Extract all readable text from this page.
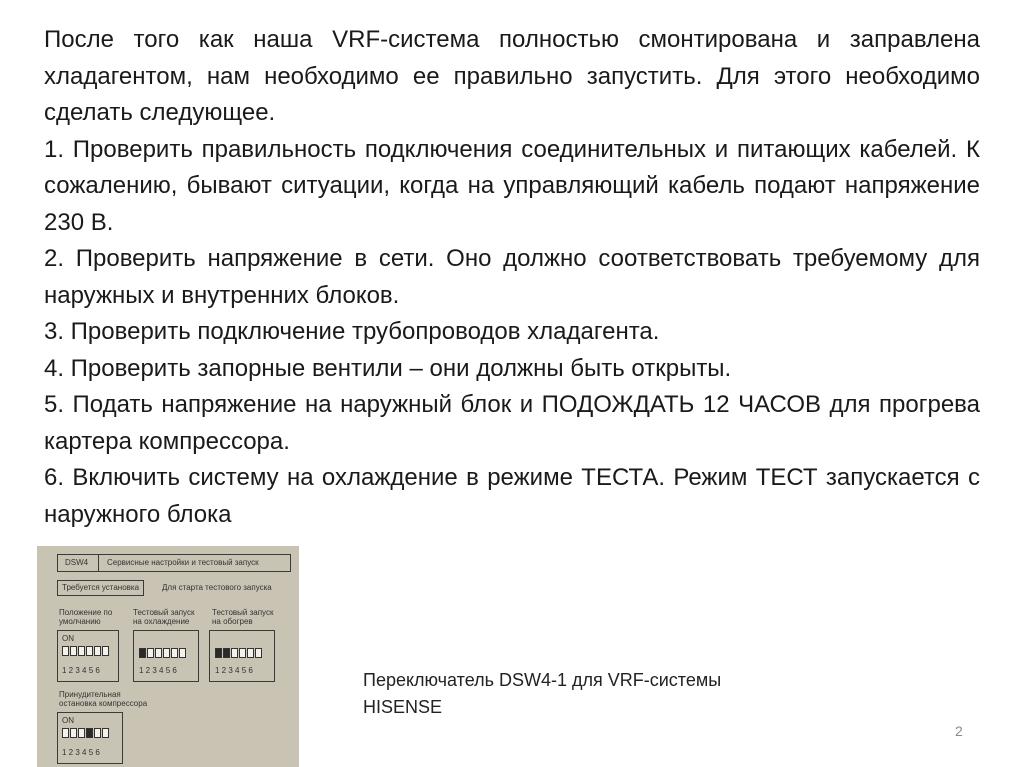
После того как наша VRF-система полностью смонтирована и заправлена хладагентом, нам необходимо ее правильно запустить. Для этого необходимо сделать следующее.

1. Проверить правильность подключения соединительных и питающих кабелей. К сожалению, бывают ситуации, когда на управляющий кабель подают напряжение 230 В.

2. Проверить напряжение в сети. Оно должно соответствовать требуемому для наружных и внутренних блоков.

3. Проверить подключение трубопроводов хладагента.

4. Проверить запорные вентили – они должны быть открыты.

5. Подать напряжение на наружный блок и ПОДОЖДАТЬ 12 ЧАСОВ для прогрева картера компрессора.

6. Включить систему на охлаждение в режиме ТЕСТА. Режим ТЕСТ запускается с наружного блока

DSW4 Сервисные настройки и тестовый запуск
Требуется установка	Для старта тестового запуска
Положение по умолчанию
ON
1 2 3 4 5 6
Тестовый запуск на охлаждение
1 2 3 4 5 6
Тестовый запуск на обогрев
1 2 3 4 5 6
Принудительная остановка компрессора
ON
1 2 3 4 5 6
Переключатель DSW4-1 для VRF-системы
HISENSE
2
